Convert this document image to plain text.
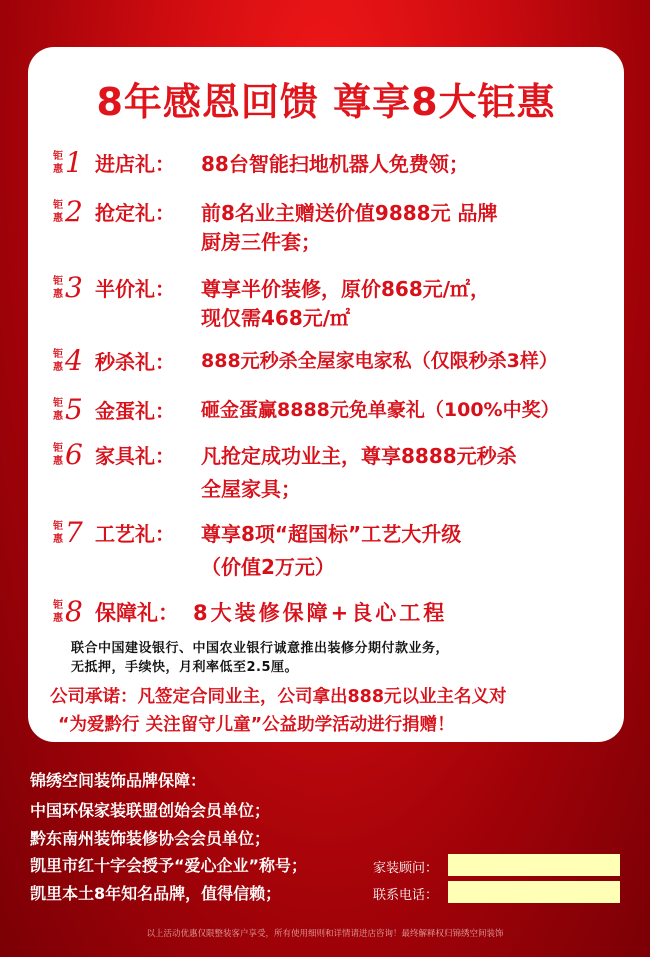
8年感恩回馈 尊享8大钜惠
钜
惠 1 进店礼： 88台智能扫地机器人免费领；
钜
惠 2 抢定礼： 前8名业主赠送价值9888元 品牌
厨房三件套；
钜
惠 3 半价礼： 尊享半价装修，原价868元/㎡，
现仅需468元/㎡
钜
惠 4 秒杀礼： 888元秒杀全屋家电家私（仅限秒杀3样）
钜
惠 5 金蛋礼： 砸金蛋赢8888元免单豪礼（100%中奖）
钜
惠 6 家具礼： 凡抢定成功业主，尊享8888元秒杀
全屋家具；
钜
惠 7 工艺礼： 尊享8项“超国标”工艺大升级
（价值2万元）
钜
惠 8 保障礼： 8大装修保障+良心工程
联合中国建设银行、中国农业银行诚意推出装修分期付款业务，
无抵押，手续快，月利率低至2.5厘。
公司承诺：凡签定合同业主，公司拿出888元以业主名义对
“为爱黔行 关注留守儿童”公益助学活动进行捐赠！
锦绣空间装饰品牌保障：
中国环保家装联盟创始会员单位；
黔东南州装饰装修协会会员单位；
凯里市红十字会授予“爱心企业”称号；
凯里本土8年知名品牌，值得信赖；
家装顾问：
联系电话：
以上活动优惠仅限整装客户享受，所有使用细则和详情请进店咨询！最终解释权归锦绣空间装饰
